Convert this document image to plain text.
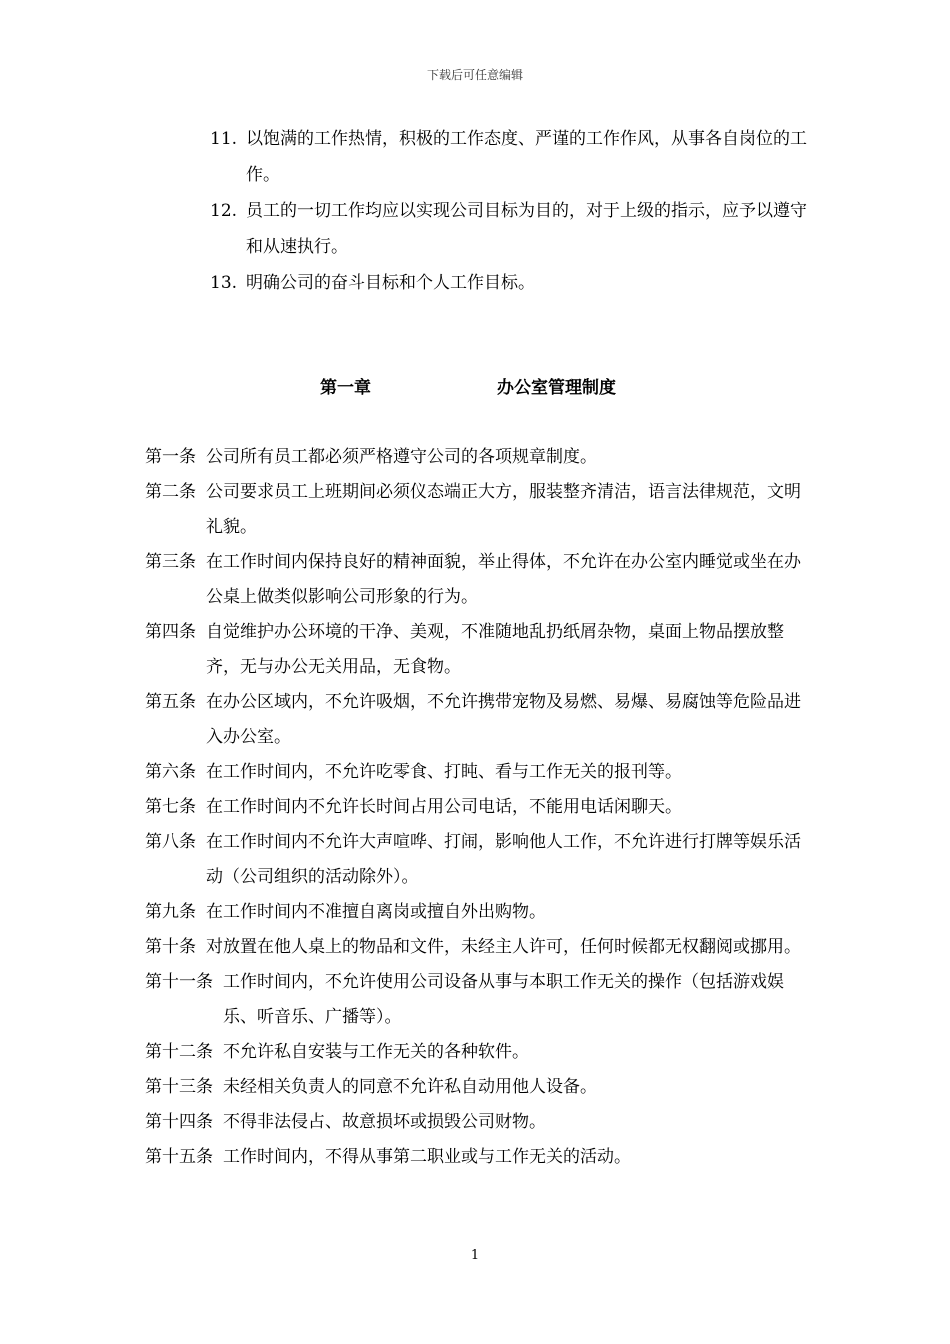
下载后可任意编辑
11. 以饱满的工作热情，积极的工作态度、严谨的工作作风，从事各自岗位的工作。
12. 员工的一切工作均应以实现公司目标为目的，对于上级的指示，应予以遵守和从速执行。
13. 明确公司的奋斗目标和个人工作目标。
第一章	办公室管理制度
第一条 公司所有员工都必须严格遵守公司的各项规章制度。
第二条 公司要求员工上班期间必须仪态端正大方，服装整齐清洁，语言法律规范，文明礼貌。
第三条 在工作时间内保持良好的精神面貌，举止得体，不允许在办公室内睡觉或坐在办公桌上做类似影响公司形象的行为。
第四条 自觉维护办公环境的干净、美观，不准随地乱扔纸屑杂物，桌面上物品摆放整齐，无与办公无关用品，无食物。
第五条 在办公区域内，不允许吸烟，不允许携带宠物及易燃、易爆、易腐蚀等危险品进入办公室。
第六条 在工作时间内，不允许吃零食、打盹、看与工作无关的报刊等。
第七条 在工作时间内不允许长时间占用公司电话，不能用电话闲聊天。
第八条 在工作时间内不允许大声喧哗、打闹，影响他人工作，不允许进行打牌等娱乐活动（公司组织的活动除外）。
第九条 在工作时间内不准擅自离岗或擅自外出购物。
第十条 对放置在他人桌上的物品和文件，未经主人许可，任何时候都无权翻阅或挪用。
第十一条 工作时间内，不允许使用公司设备从事与本职工作无关的操作（包括游戏娱乐、听音乐、广播等）。
第十二条 不允许私自安装与工作无关的各种软件。
第十三条 未经相关负责人的同意不允许私自动用他人设备。
第十四条 不得非法侵占、故意损坏或损毁公司财物。
第十五条 工作时间内，不得从事第二职业或与工作无关的活动。
1
